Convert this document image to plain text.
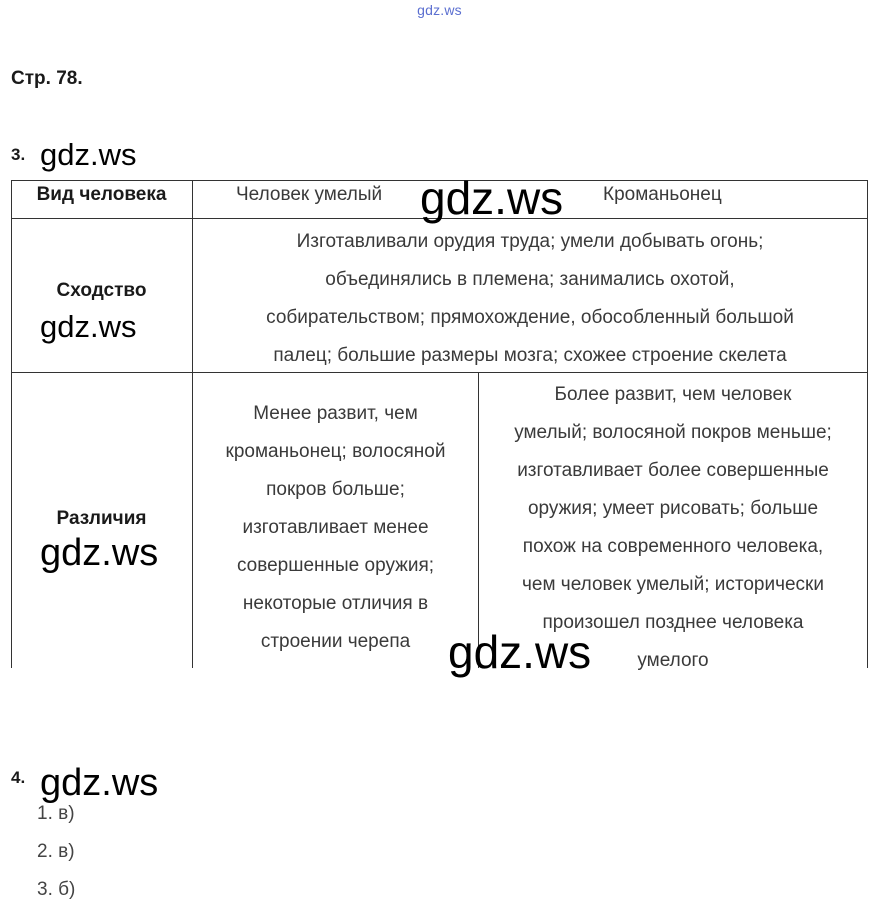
gdz.ws
Стр. 78.
3. gdz.ws
Вид человека	Человек умелый	Кроманьонец
Сходство
gdz.ws
Изготавливали орудия труда; умели добывать огонь;
объединялись в племена; занимались охотой,
собирательством; прямохождение, обособленный большой
палец; большие размеры мозга; схожее строение скелета
Различия
gdz.ws
Менее развит, чем
кроманьонец; волосяной
покров больше;
изготавливает менее
совершенные оружия;
некоторые отличия в
строении черепа
Более развит, чем человек
умелый; волосяной покров меньше;
изготавливает более совершенные
оружия; умеет рисовать; больше
похож на современного человека,
чем человек умелый; исторически
произошел позднее человека
умелого
gdz.ws
gdz.ws
4. gdz.ws
1. в)
2. в)
3. б)
